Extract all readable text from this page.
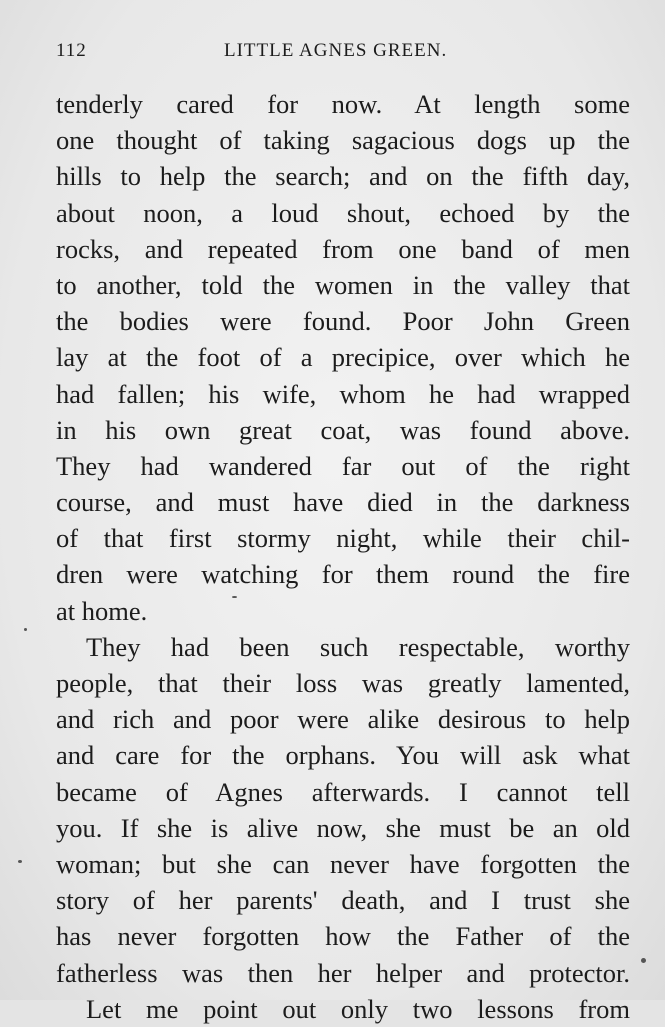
112	LITTLE AGNES GREEN.
tenderly cared for now. At length some
one thought of taking sagacious dogs up the
hills to help the search; and on the fifth day,
about noon, a loud shout, echoed by the
rocks, and repeated from one band of men
to another, told the women in the valley that
the bodies were found. Poor John Green
lay at the foot of a precipice, over which he
had fallen; his wife, whom he had wrapped
in his own great coat, was found above.
They had wandered far out of the right
course, and must have died in the darkness
of that first stormy night, while their chil-
dren were watching for them round the fire
at home.
They had been such respectable, worthy
people, that their loss was greatly lamented,
and rich and poor were alike desirous to help
and care for the orphans. You will ask what
became of Agnes afterwards. I cannot tell
you. If she is alive now, she must be an old
woman; but she can never have forgotten the
story of her parents' death, and I trust she
has never forgotten how the Father of the
fatherless was then her helper and protector.
Let me point out only two lessons from
